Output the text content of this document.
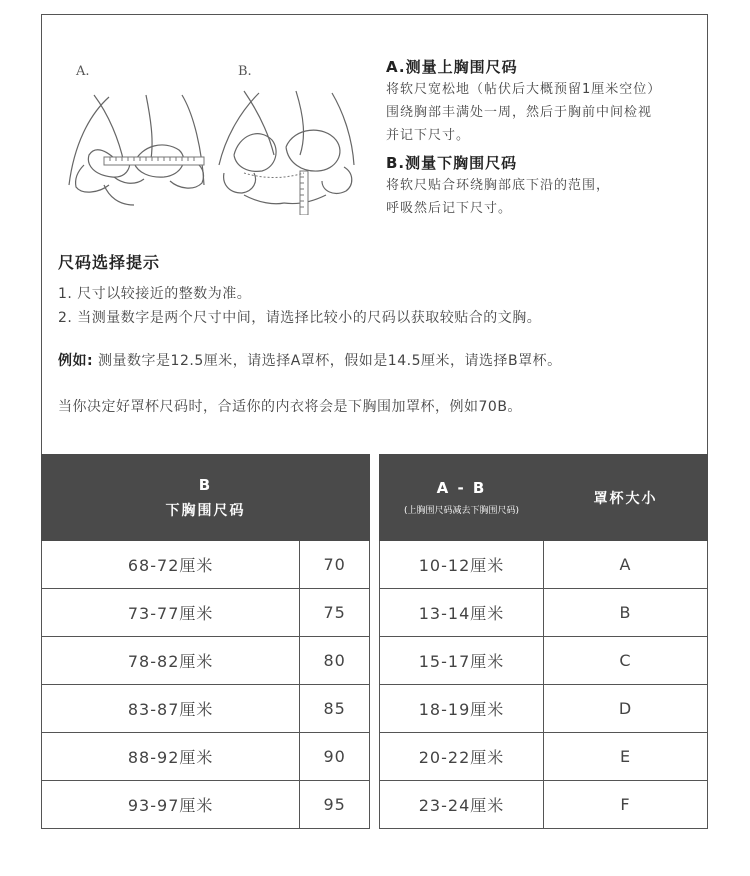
A.	B.	A.测量上胸围尺码

将软尺宽松地（帖伏后大概预留1厘米空位）

围绕胸部丰满处一周，然后于胸前中间检视

并记下尺寸。

B.测量下胸围尺码

将软尺贴合环绕胸部底下沿的范围，

呼吸然后记下尺寸。

尺码选择提示
1. 尺寸以较接近的整数为准。
2. 当测量数字是两个尺寸中间，请选择比较小的尺码以获取较贴合的文胸。
例如: 测量数字是12.5厘米，请选择A罩杯，假如是14.5厘米，请选择B罩杯。
当你决定好罩杯尺码时，合适你的内衣将会是下胸围加罩杯，例如70B。
B
下胸围尺码	

68-72厘米	70
73-77厘米	75
78-82厘米	80
83-87厘米	85
88-92厘米	90
93-97厘米	95
A - B
(上胸围尺码减去下胸围尺码)	罩杯大小
10-12厘米	A
13-14厘米	B
15-17厘米	C
18-19厘米	D
20-22厘米	E
23-24厘米	F
